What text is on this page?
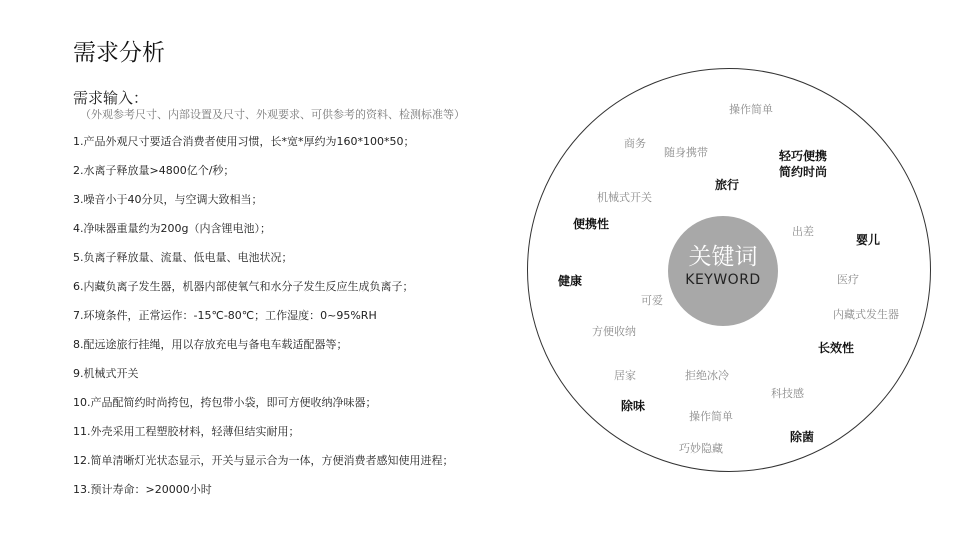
需求分析
需求输入：
（外观参考尺寸、内部设置及尺寸、外观要求、可供参考的资料、检测标准等）
1.产品外观尺寸要适合消费者使用习惯，长*宽*厚约为160*100*50；
2.水离子释放量>4800亿个/秒；
3.噪音小于40分贝，与空调大致相当；
4.净味器重量约为200g（内含锂电池）；
5.负离子释放量、流量、低电量、电池状况；
6.内藏负离子发生器，机器内部使氧气和水分子发生反应生成负离子；
7.环境条件，正常运作：-15℃-80℃；工作湿度：0~95%RH
8.配远途旅行挂绳，用以存放充电与备电车载适配器等；
9.机械式开关
10.产品配简约时尚挎包，挎包带小袋，即可方便收纳净味器；
11.外壳采用工程塑胶材料，轻薄但结实耐用；
12.简单清晰灯光状态显示，开关与显示合为一体，方便消费者感知使用进程；
13.预计寿命：>20000小时
关键词
KEYWORD
操作简单
商务
随身携带	轻巧便携
简约时尚
旅行
机械式开关
便携性
出差
婴儿
健康	医疗
可爱
内藏式发生器
方便收纳
长效性
居家	拒绝冰冷
科技感
除味
操作简单
除菌
巧妙隐藏
